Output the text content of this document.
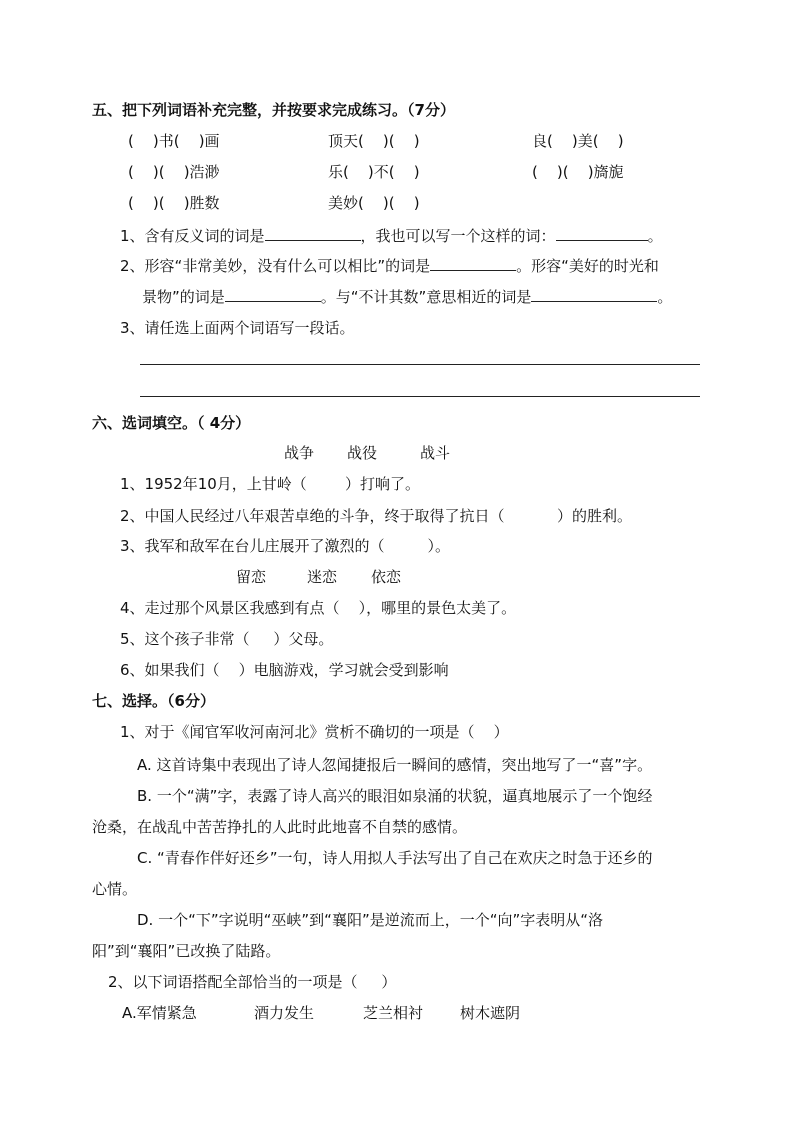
五、把下列词语补充完整，并按要求完成练习。（7分）
(    )书(    )画	顶天(    )(    )	良(    )美(    )
(    )(    )浩渺	乐(    )不(    )	(    )(    )旖旎
(    )(    )胜数	美妙(    )(    )
1、含有反义词的词是	，我也可以写一个这样的词：	。
2、形容“非常美妙，没有什么可以相比”的词是	。形容“美好的时光和
景物”的词是	。与“不计其数”意思相近的词是	。
3、请任选上面两个词语写一段话。
六、选词填空。（ 4分）
战争 战役	战斗
1、1952年10月，上甘岭（        ）打响了。
2、中国人民经过八年艰苦卓绝的斗争，终于取得了抗日（           ）的胜利。
3、我军和敌军在台儿庄展开了激烈的（         ）。
留恋	迷恋 依恋
4、走过那个风景区我感到有点（    ），哪里的景色太美了。
5、这个孩子非常（     ）父母。
6、如果我们（    ）电脑游戏，学习就会受到影响
七、选择。（6分）
1、对于《闻官军收河南河北》赏析不确切的一项是（    ）
A. 这首诗集中表现出了诗人忽闻捷报后一瞬间的感情，突出地写了一“喜”字。
B. 一个“满”字，表露了诗人高兴的眼泪如泉涌的状貌，逼真地展示了一个饱经
沧桑，在战乱中苦苦挣扎的人此时此地喜不自禁的感情。
C. “青春作伴好还乡”一句，诗人用拟人手法写出了自己在欢庆之时急于还乡的
心情。
D. 一个“下”字说明“巫峡”到“襄阳”是逆流而上，一个“向”字表明从“洛
阳”到“襄阳”已改换了陆路。
2、以下词语搭配全部恰当的一项是（     ）
A.军情紧急	酒力发生	芝兰相衬 树木遮阴
